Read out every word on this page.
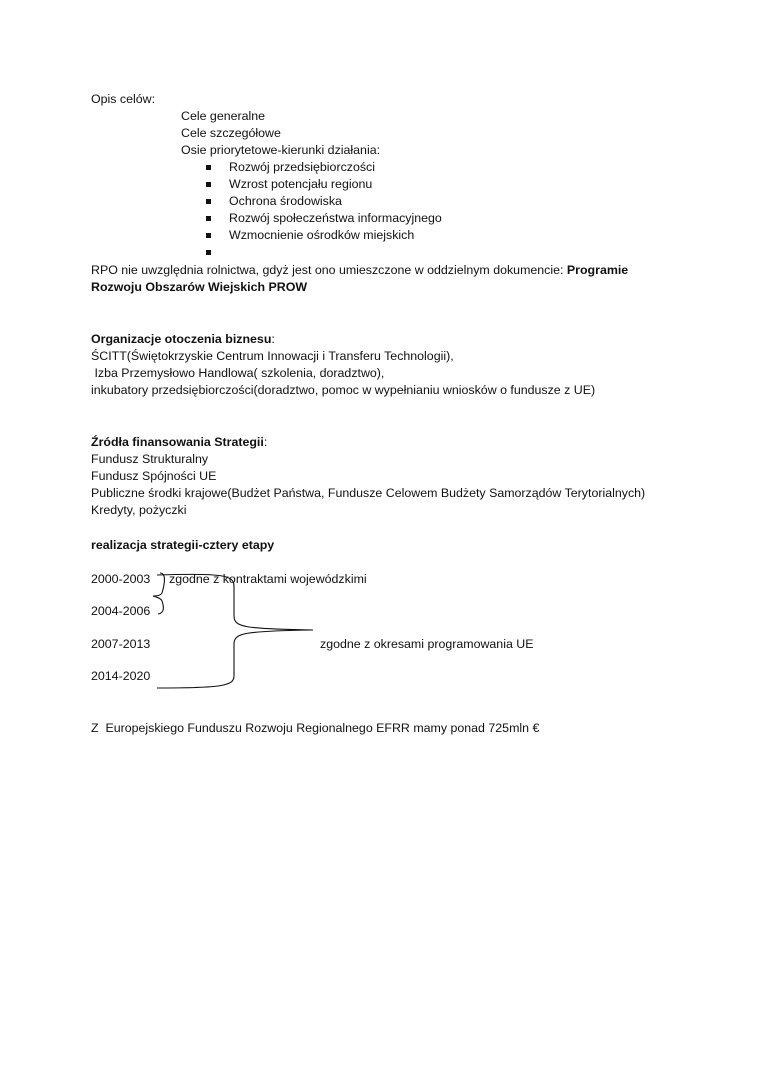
Opis celów:
Cele generalne
Cele szczegółowe
Osie priorytetowe-kierunki działania:
Rozwój przedsiębiorczości
Wzrost potencjału regionu
Ochrona środowiska
Rozwój społeczeństwa informacyjnego
Wzmocnienie ośrodków miejskich
RPO nie uwzględnia rolnictwa, gdyż jest ono umieszczone w oddzielnym dokumencie: Programie
Rozwoju Obszarów Wiejskich PROW
Organizacje otoczenia biznesu:
ŚCITT(Świętokrzyskie Centrum Innowacji i Transferu Technologii),
Izba Przemysłowo Handlowa( szkolenia, doradztwo),
inkubatory przedsiębiorczości(doradztwo, pomoc w wypełnianiu wniosków o fundusze z UE)
Źródła finansowania Strategii:
Fundusz Strukturalny
Fundusz Spójności UE
Publiczne środki krajowe(Budżet Państwa, Fundusze Celowem Budżety Samorządów Terytorialnych)
Kredyty, pożyczki
realizacja strategii-cztery etapy
2000-2003
2004-2006
2007-2013
2014-2020
zgodne z kontraktami wojewódzkimi
zgodne z okresami programowania UE
Z  Europejskiego Funduszu Rozwoju Regionalnego EFRR mamy ponad 725mln €
